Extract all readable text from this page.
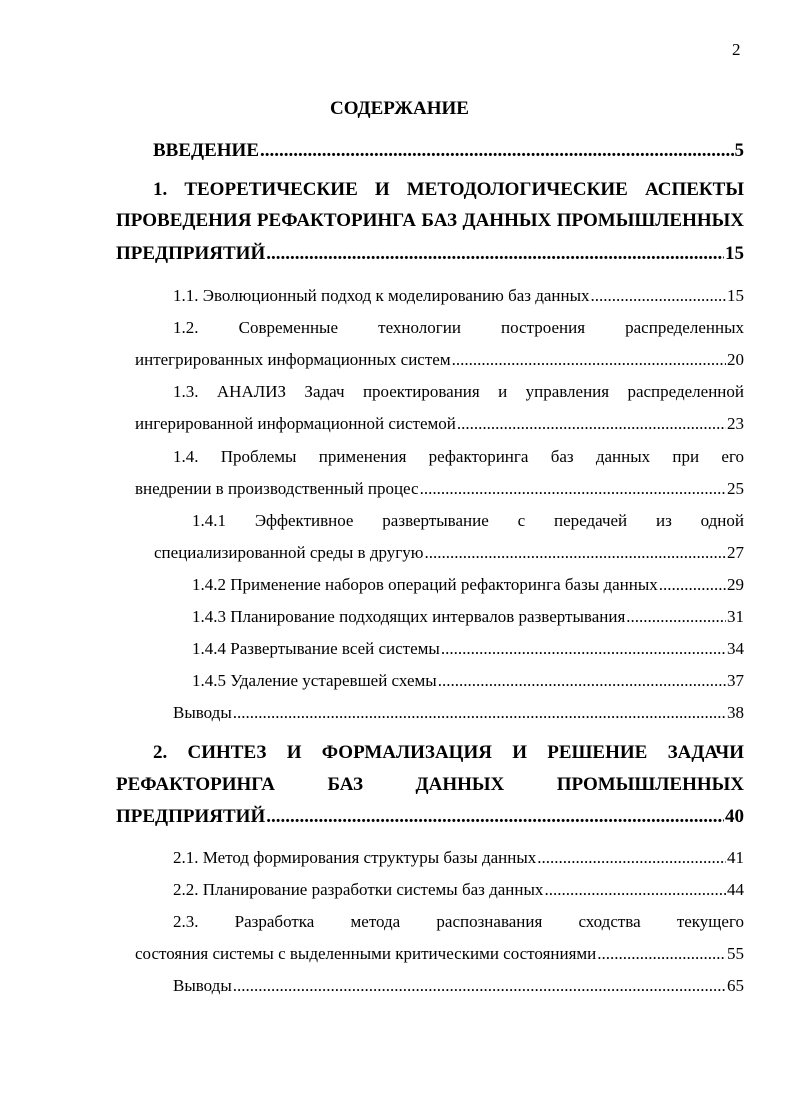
2
СОДЕРЖАНИЕ
ВВЕДЕНИЕ .....	5
1. ТЕОРЕТИЧЕСКИЕ И МЕТОДОЛОГИЧЕСКИЕ АСПЕКТЫ
ПРОВЕДЕНИЯ РЕФАКТОРИНГА БАЗ ДАННЫХ ПРОМЫШЛЕННЫХ
ПРЕДПРИЯТИЙ .....	15
1.1. Эволюционный подход к моделированию баз данных .....	15
1.2. Современные технологии построения распределенных
интегрированных информационных систем .....	20
1.3. АНАЛИЗ Задач проектирования и управления распределенной
ингерированной информационной системой .....	23
1.4. Проблемы применения рефакторинга баз данных при его
внедрении в производственный процес .....	25
1.4.1 Эффективное развертывание с передачей из одной
специализированной среды в другую .....	27
1.4.2 Применение наборов операций рефакторинга базы данных .....	29
1.4.3 Планирование подходящих интервалов развертывания .....	31
1.4.4 Развертывание всей системы .....	34
1.4.5 Удаление устаревшей схемы .....	37
Выводы .....	38
2. СИНТЕЗ И ФОРМАЛИЗАЦИЯ И РЕШЕНИЕ ЗАДАЧИ
РЕФАКТОРИНГА БАЗ ДАННЫХ ПРОМЫШЛЕННЫХ
ПРЕДПРИЯТИЙ .....	40
2.1. Метод формирования структуры базы данных .....	41
2.2. Планирование разработки системы баз данных .....	44
2.3. Разработка метода распознавания сходства текущего
состояния системы с выделенными критическими состояниями .....	55
Выводы .....	65
